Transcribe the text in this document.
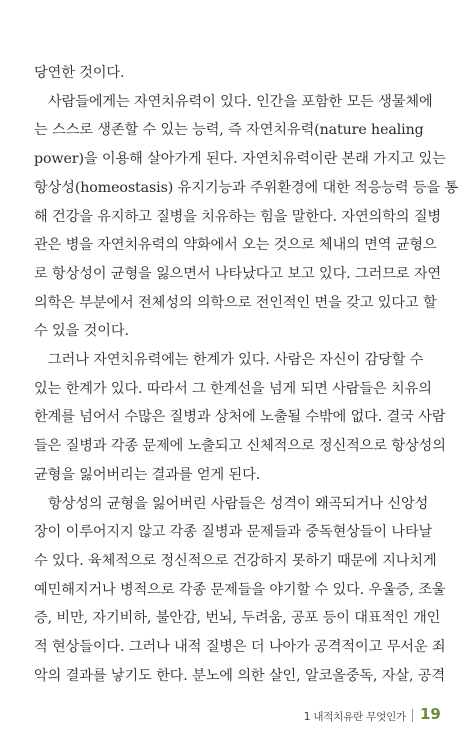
당연한 것이다.
사람들에게는 자연치유력이 있다. 인간을 포함한 모든 생물체에
는 스스로 생존할 수 있는 능력, 즉 자연치유력(nature healing
power)을 이용해 살아가게 된다. 자연치유력이란 본래 가지고 있는
항상성(homeostasis) 유지기능과 주위환경에 대한 적응능력 등을 통
해 건강을 유지하고 질병을 치유하는 힘을 말한다. 자연의학의 질병
관은 병을 자연치유력의 약화에서 오는 것으로 체내의 면역 균형으
로 항상성이 균형을 잃으면서 나타났다고 보고 있다. 그러므로 자연
의학은 부분에서 전체성의 의학으로 전인적인 면을 갖고 있다고 할
수 있을 것이다.
그러나 자연치유력에는 한계가 있다. 사람은 자신이 감당할 수
있는 한계가 있다. 따라서 그 한계선을 넘게 되면 사람들은 치유의
한계를 넘어서 수많은 질병과 상처에 노출될 수밖에 없다. 결국 사람
들은 질병과 각종 문제에 노출되고 신체적으로 정신적으로 항상성의
균형을 잃어버리는 결과를 얻게 된다.
항상성의 균형을 잃어버린 사람들은 성격이 왜곡되거나 신앙성
장이 이루어지지 않고 각종 질병과 문제들과 중독현상들이 나타날
수 있다. 육체적으로 정신적으로 건강하지 못하기 때문에 지나치게
예민해지거나 병적으로 각종 문제들을 야기할 수 있다. 우울증, 조울
증, 비만, 자기비하, 불안감, 번뇌, 두려움, 공포 등이 대표적인 개인
적 현상들이다. 그러나 내적 질병은 더 나아가 공격적이고 무서운 죄
악의 결과를 낳기도 한다. 분노에 의한 살인, 알코올중독, 자살, 공격
1 내적치유란 무엇인가 19
